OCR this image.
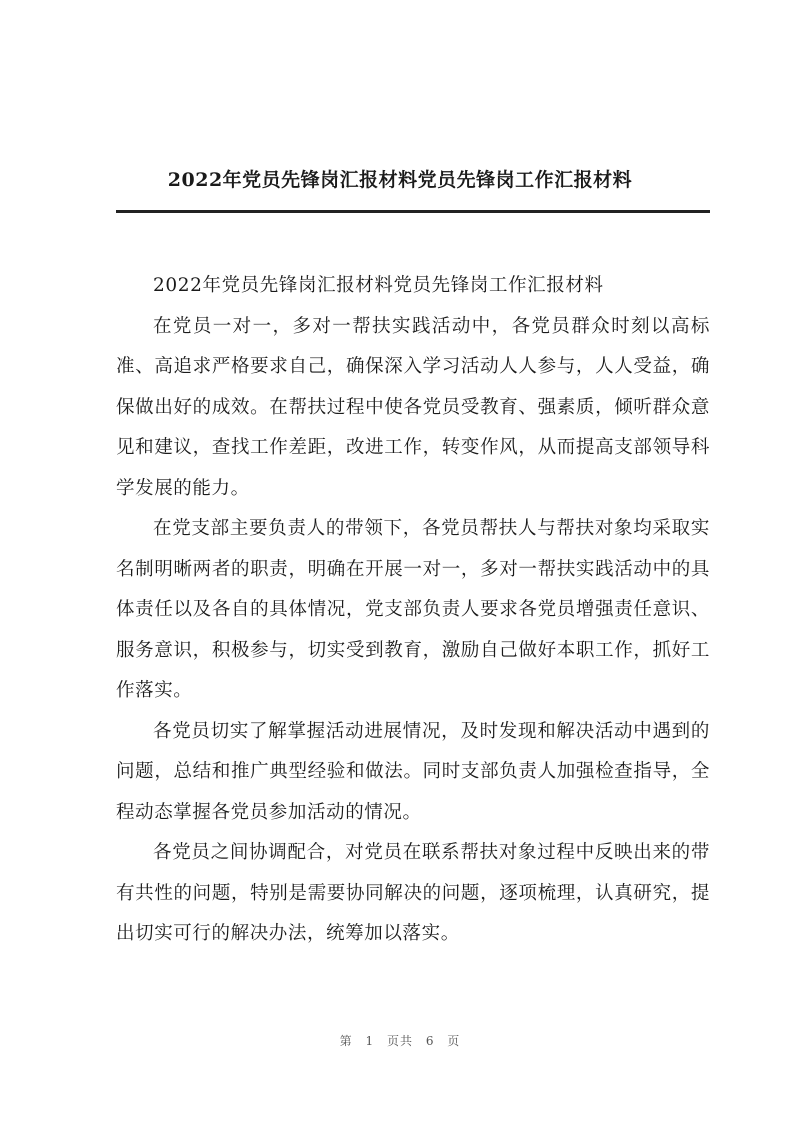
2022年党员先锋岗汇报材料党员先锋岗工作汇报材料

2022年党员先锋岗汇报材料党员先锋岗工作汇报材料

在党员一对一，多对一帮扶实践活动中，各党员群众时刻以高标准、高追求严格要求自己，确保深入学习活动人人参与，人人受益，确保做出好的成效。在帮扶过程中使各党员受教育、强素质，倾听群众意见和建议，查找工作差距，改进工作，转变作风，从而提高支部领导科学发展的能力。

在党支部主要负责人的带领下，各党员帮扶人与帮扶对象均采取实名制明晰两者的职责，明确在开展一对一，多对一帮扶实践活动中的具体责任以及各自的具体情况，党支部负责人要求各党员增强责任意识、服务意识，积极参与，切实受到教育，激励自己做好本职工作，抓好工作落实。

各党员切实了解掌握活动进展情况，及时发现和解决活动中遇到的问题，总结和推广典型经验和做法。同时支部负责人加强检查指导，全程动态掌握各党员参加活动的情况。

各党员之间协调配合，对党员在联系帮扶对象过程中反映出来的带有共性的问题，特别是需要协同解决的问题，逐项梳理，认真研究，提出切实可行的解决办法，统筹加以落实。

第 1 页共 6 页
